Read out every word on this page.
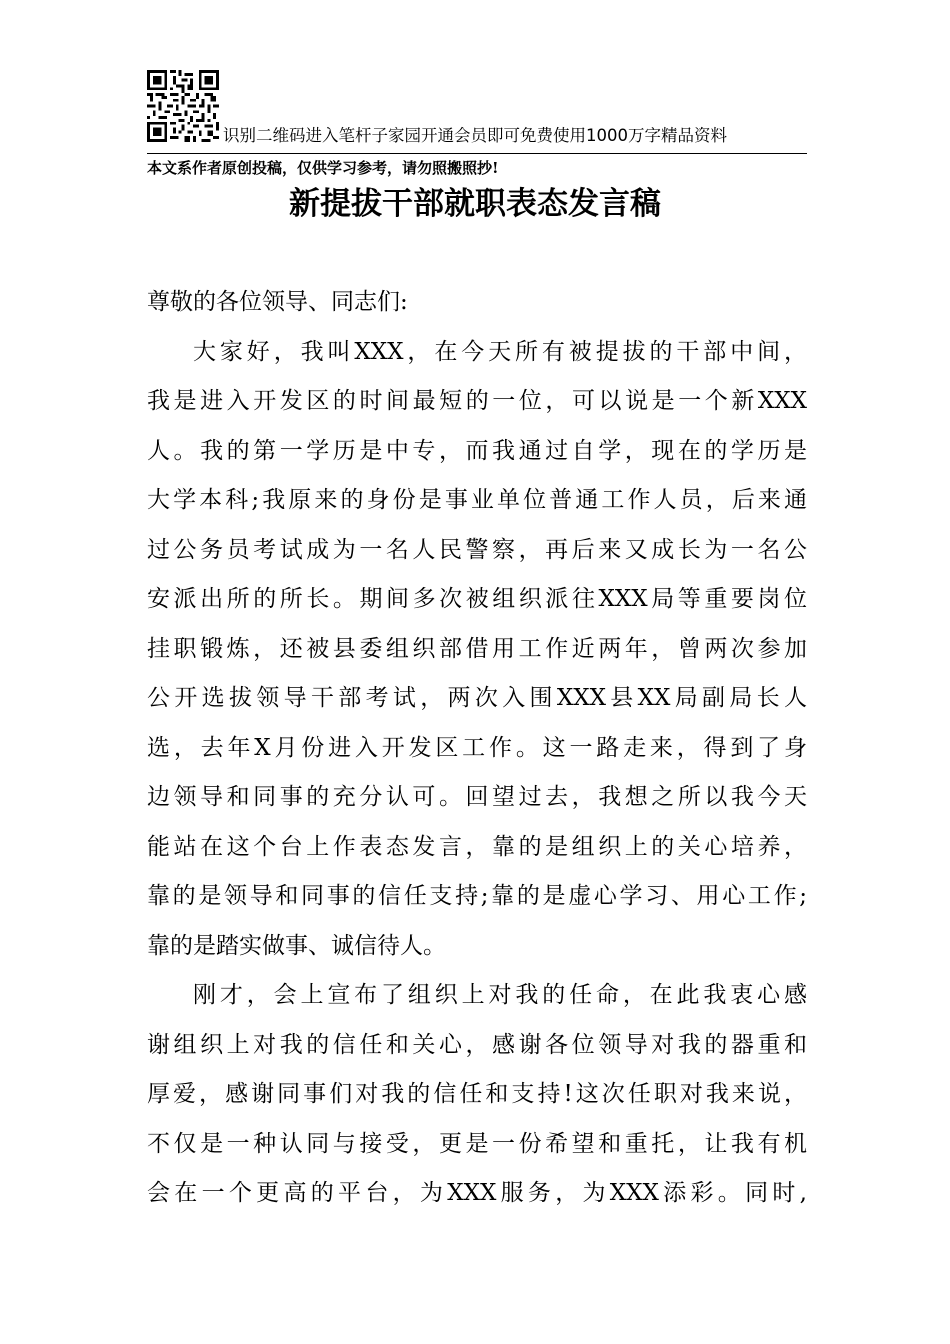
识别二维码进入笔杆子家园开通会员即可免费使用1000万字精品资料
本文系作者原创投稿，仅供学习参考，请勿照搬照抄!
新提拔干部就职表态发言稿
尊敬的各位领导、同志们:
大家好，我叫XXX，在今天所有被提拔的干部中间，
我是进入开发区的时间最短的一位，可以说是一个新XXX
人。我的第一学历是中专，而我通过自学，现在的学历是
大学本科;我原来的身份是事业单位普通工作人员，后来通
过公务员考试成为一名人民警察，再后来又成长为一名公
安派出所的所长。期间多次被组织派往XXX局等重要岗位
挂职锻炼，还被县委组织部借用工作近两年，曾两次参加
公开选拔领导干部考试，两次入围XXX县XX局副局长人
选，去年X月份进入开发区工作。这一路走来，得到了身
边领导和同事的充分认可。回望过去，我想之所以我今天
能站在这个台上作表态发言，靠的是组织上的关心培养，
靠的是领导和同事的信任支持;靠的是虚心学习、用心工作;
靠的是踏实做事、诚信待人。
刚才，会上宣布了组织上对我的任命，在此我衷心感
谢组织上对我的信任和关心，感谢各位领导对我的器重和
厚爱，感谢同事们对我的信任和支持!这次任职对我来说，
不仅是一种认同与接受，更是一份希望和重托，让我有机
会在一个更高的平台，为XXX服务，为XXX添彩。同时,
